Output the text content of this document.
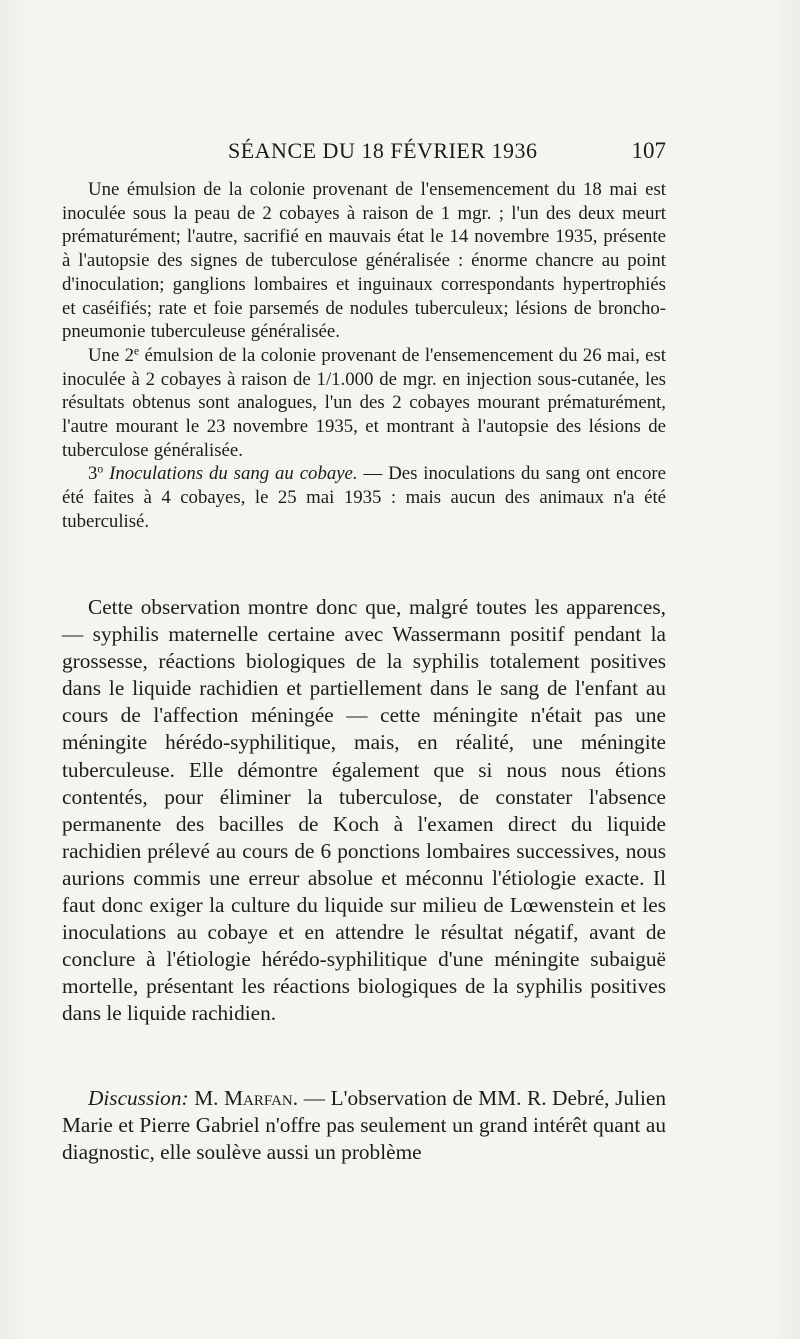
SÉANCE DU 18 FÉVRIER 1936	107

Une émulsion de la colonie provenant de l'ensemencement du 18 mai est inoculée sous la peau de 2 cobayes à raison de 1 mgr. ; l'un des deux meurt prématurément; l'autre, sacrifié en mauvais état le 14 novembre 1935, présente à l'autopsie des signes de tuberculose généralisée : énorme chancre au point d'inoculation; ganglions lombaires et inguinaux correspondants hypertrophiés et caséifiés; rate et foie parsemés de nodules tuberculeux; lésions de broncho-pneumonie tuberculeuse généralisée.

Une 2e émulsion de la colonie provenant de l'ensemencement du 26 mai, est inoculée à 2 cobayes à raison de 1/1.000 de mgr. en injection sous-cutanée, les résultats obtenus sont analogues, l'un des 2 cobayes mourant prématurément, l'autre mourant le 23 novembre 1935, et montrant à l'autopsie des lésions de tuberculose généralisée.

3$^o$ Inoculations du sang au cobaye. — Des inoculations du sang ont encore été faites à 4 cobayes, le 25 mai 1935 : mais aucun des animaux n'a été tuberculisé.

Cette observation montre donc que, malgré toutes les apparences, — syphilis maternelle certaine avec Wassermann positif pendant la grossesse, réactions biologiques de la syphilis totalement positives dans le liquide rachidien et partiellement dans le sang de l'enfant au cours de l'affection méningée — cette méningite n'était pas une méningite hérédo-syphilitique, mais, en réalité, une méningite tuberculeuse. Elle démontre également que si nous nous étions contentés, pour éliminer la tuberculose, de constater l'absence permanente des bacilles de Koch à l'examen direct du liquide rachidien prélevé au cours de 6 ponctions lombaires successives, nous aurions commis une erreur absolue et méconnu l'étiologie exacte. Il faut donc exiger la culture du liquide sur milieu de Lœwenstein et les inoculations au cobaye et en attendre le résultat négatif, avant de conclure à l'étiologie hérédo-syphilitique d'une méningite subaiguë mortelle, présentant les réactions biologiques de la syphilis positives dans le liquide rachidien.

Discussion: M. Marfan. — L'observation de MM. R. Debré, Julien Marie et Pierre Gabriel n'offre pas seulement un grand intérêt quant au diagnostic, elle soulève aussi un problème
